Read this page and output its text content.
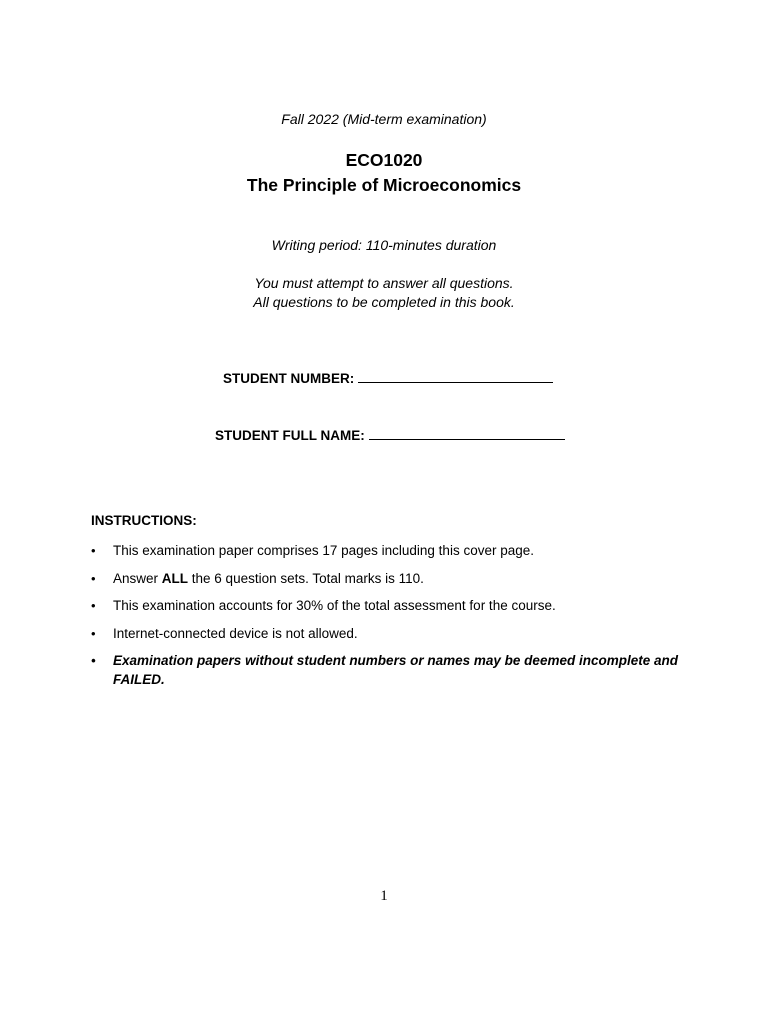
Fall 2022 (Mid-term examination)
ECO1020
The Principle of Microeconomics
Writing period: 110-minutes duration
You must attempt to answer all questions.
All questions to be completed in this book.
STUDENT NUMBER:
STUDENT FULL NAME:
INSTRUCTIONS:
• This examination paper comprises 17 pages including this cover page.
• Answer ALL the 6 question sets. Total marks is 110.
• This examination accounts for 30% of the total assessment for the course.
• Internet-connected device is not allowed.
• Examination papers without student numbers or names may be deemed incomplete and FAILED.
1
